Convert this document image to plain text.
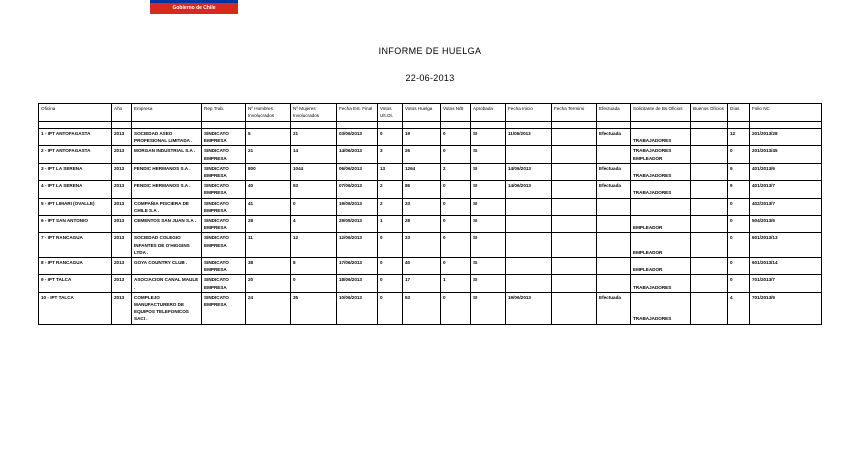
Gobierno de Chile
INFORME DE HUELGA
22-06-2013
Oficina	Año	Empresa	Rep.Trab.	Nº Hombres Involucrados	Nº Mujeres Involucrados	Fecha Est. Final	Votos Ult.Ot.	Votos Huelga	Votos N/B	Aprobada	Fecha Inicio	Fecha Termino	Efectuada	Solicitante de Bs.Oficios	Buenos Oficios	Días	Folio NC

1 - IPT ANTOFAGASTA	2013	SOCIEDAD ASEO PROFESIONAL LIMITADA .	SINDICATO EMPRESA	5	21	03/06/2013	0	19	0	SI	11/06/2013		Efectuada	TRABAJADORES		12	201/2013/28
2 - IPT ANTOFAGASTA	2013	MORGAN INDUSTRIAL S.A .	SINDICATO EMPRESA	21	14	14/06/2013	3	26	0	SI				TRABAJADORES EMPLEADOR		0	201/2013/45
3 - IPT LA SERENA	2013	FENDIC HERMANOS S.A .	SINDICATO EMPRESA	800	1044	06/06/2013	13	1264	2	SI	14/06/2013		Efectuada	TRABAJADORES		9	401/2013/6
4 - IPT LA SERENA	2013	FENDIC HERMANOS S.A .	SINDICATO EMPRESA	40	93	07/06/2013	2	86	0	SI	14/06/2013		Efectuada	TRABAJADORES		9	401/2013/7
5 - IPT LIMARI (OVALLE)	2013	COMPAÑIA PISCIERA DE CHILE S.A .	SINDICATO EMPRESA	41	0	19/06/2013	2	33	0	SI						0	402/2013/7
6 - IPT SAN ANTONIO	2013	CEMENTOS SAN JUAN S.A .	SINDICATO EMPRESA	28	4	29/05/2013	1	28	0	SI				EMPLEADOR		0	504/2013/6
7 - IPT RANCAGUA	2013	SOCIEDAD COLEGIO INFANTES DE O'HIGGINS LTDA .	SINDICATO EMPRESA	11	12	12/06/2013	0	23	0	SI				EMPLEADOR		0	601/2013/13
8 - IPT RANCAGUA	2013	GOYA COUNTRY CLUB .	SINDICATO EMPRESA	38	8	17/06/2013	0	40	0	SI				EMPLEADOR		0	601/2013/14
9 - IPT TALCA	2013	ASOCIACION CANAL MAULE .	SINDICATO EMPRESA	20	0	18/06/2013	0	17	1	SI				TRABAJADORES		0	701/2013/7
10 - IPT TALCA	2013	COMPLEJO MANUFACTURERO DE EQUIPOS TELEFONICOS SACI .	SINDICATO EMPRESA	24	35	10/06/2013	0	53	0	SI	19/06/2013		Efectuada	TRABAJADORES		4	701/2013/9
